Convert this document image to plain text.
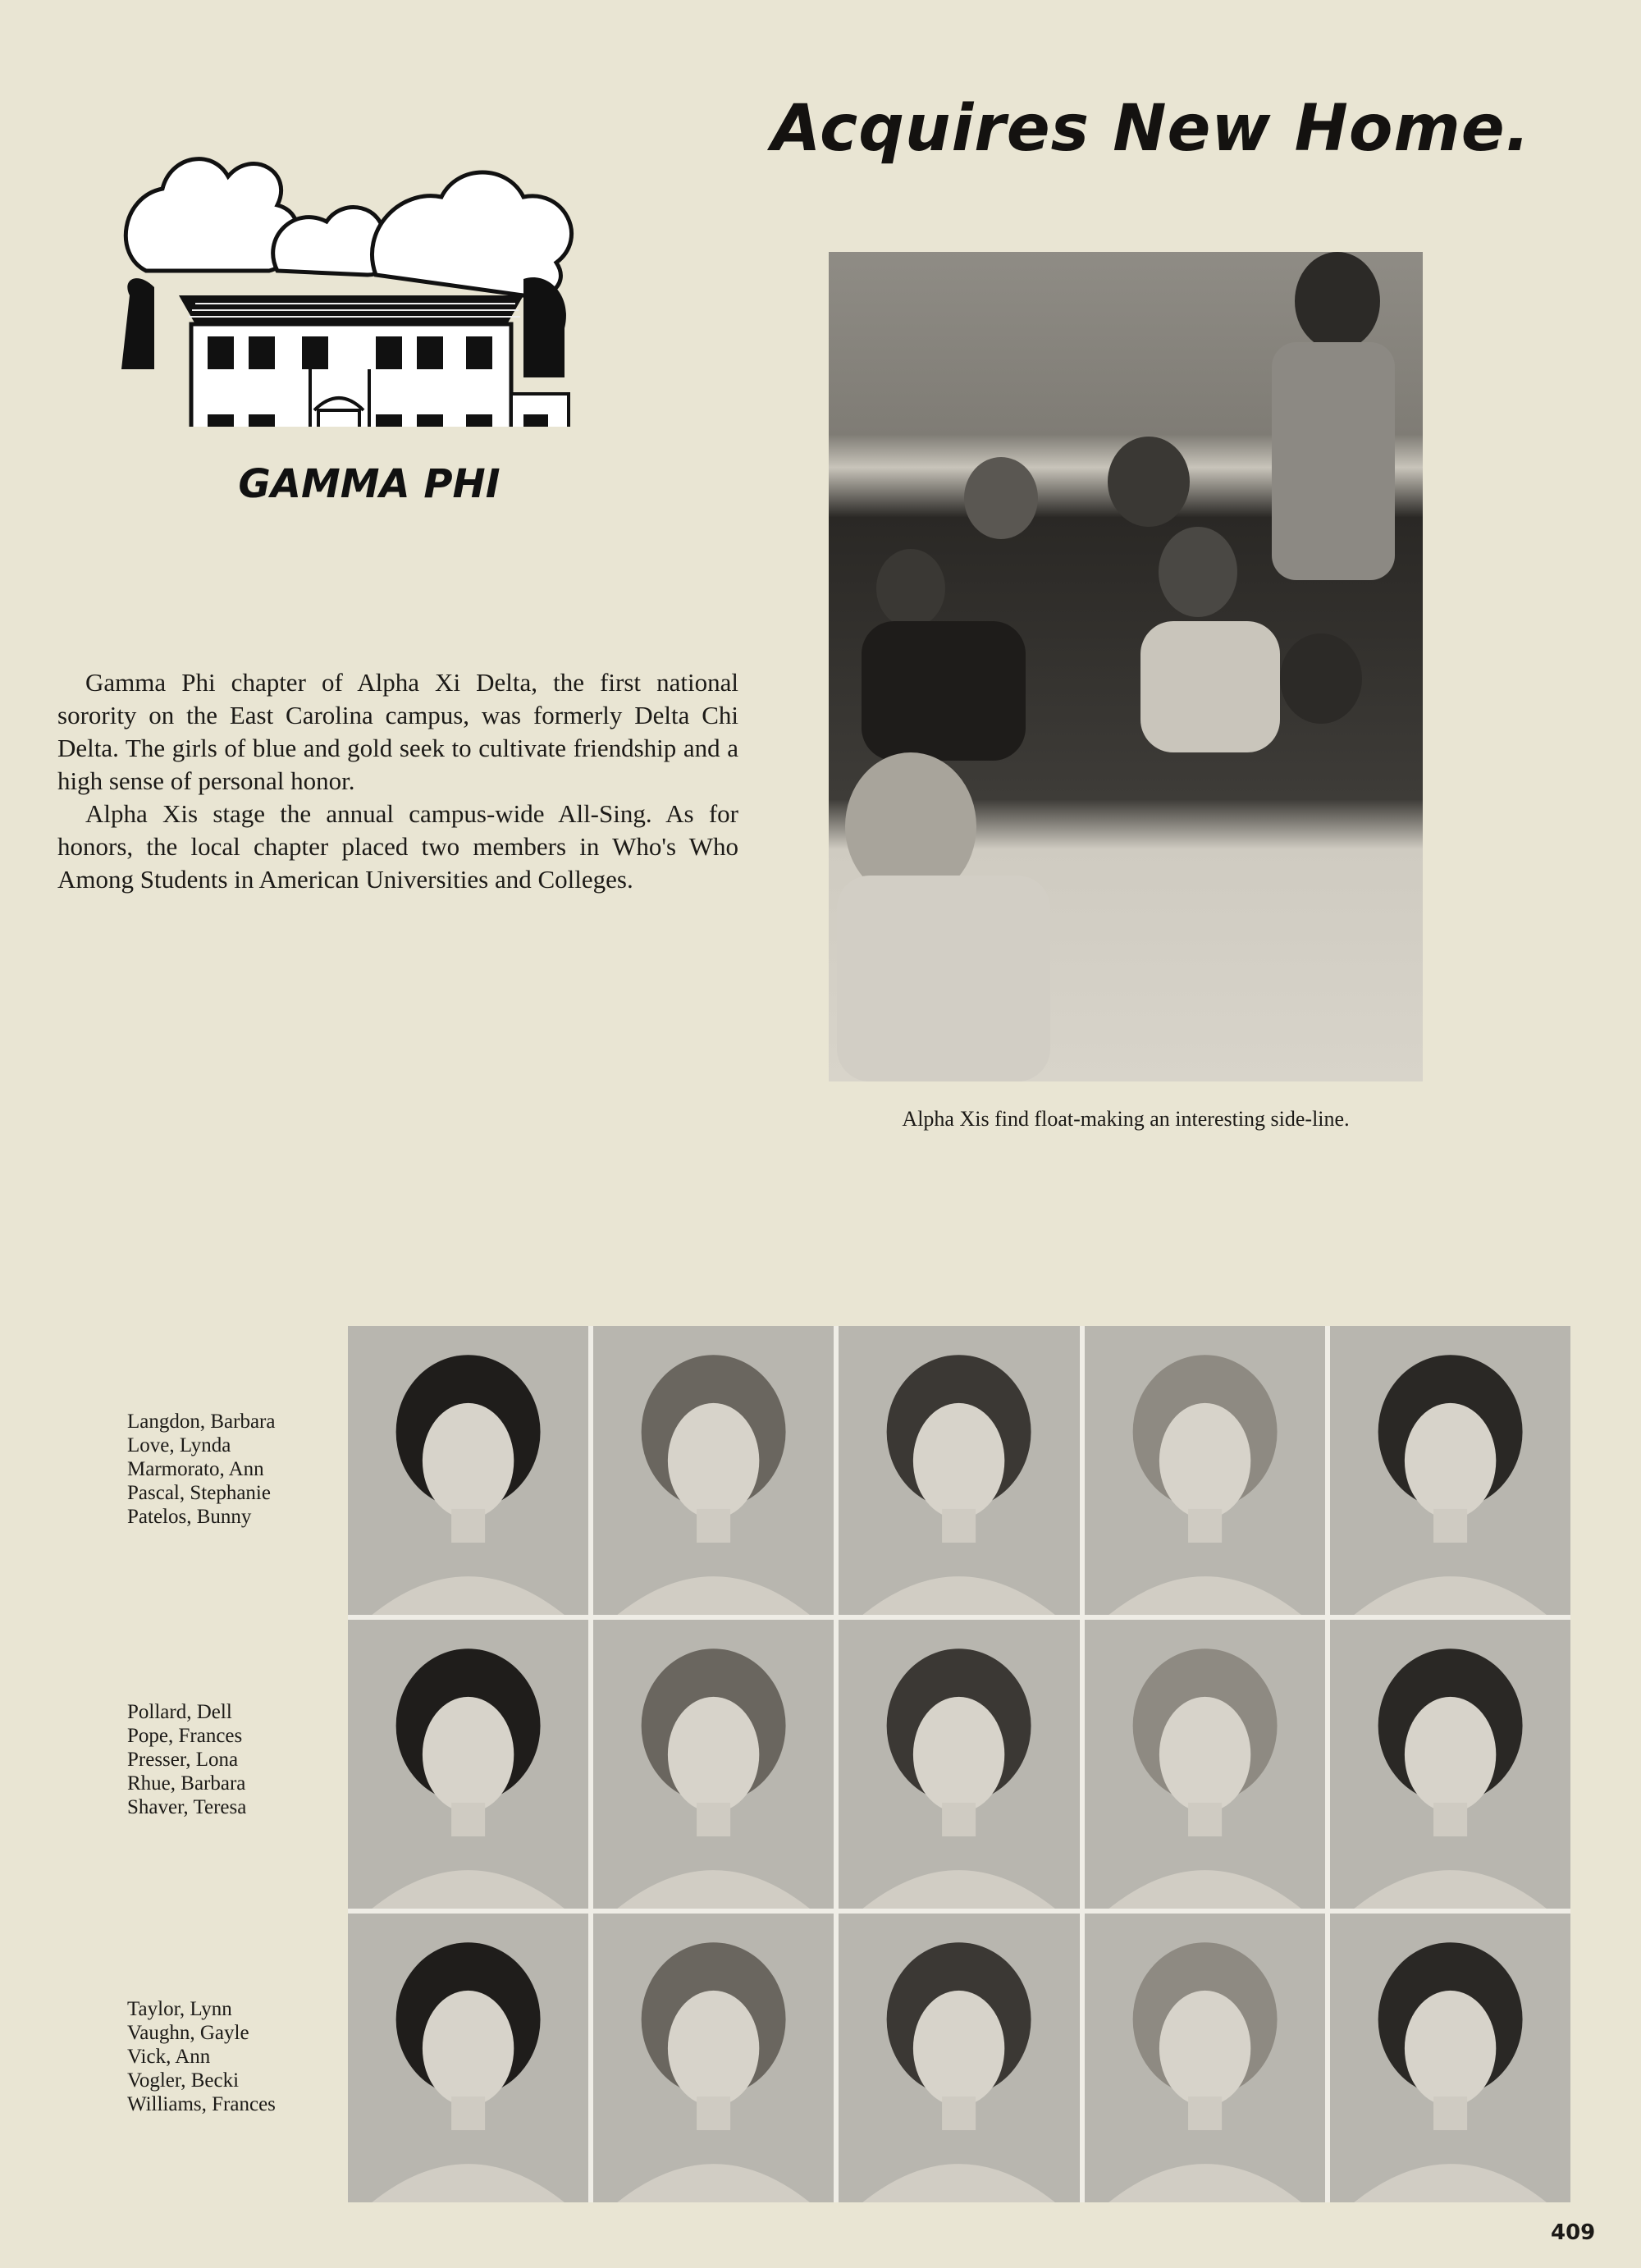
Acquires New Home.
GAMMA PHI

Gamma Phi chapter of Alpha Xi Delta, the first national sorority on the East Carolina campus, was formerly Delta Chi Delta. The girls of blue and gold seek to cultivate friendship and a high sense of personal honor.

Alpha Xis stage the annual campus-wide All-Sing. As for honors, the local chapter placed two members in Who's Who Among Students in American Universities and Colleges.

Alpha Xis find float-making an interesting side-line.
Langdon, Barbara
Love, Lynda
Marmorato, Ann
Pascal, Stephanie
Patelos, Bunny
Pollard, Dell
Pope, Frances
Presser, Lona
Rhue, Barbara
Shaver, Teresa
Taylor, Lynn
Vaughn, Gayle
Vick, Ann
Vogler, Becki
Williams, Frances
409
